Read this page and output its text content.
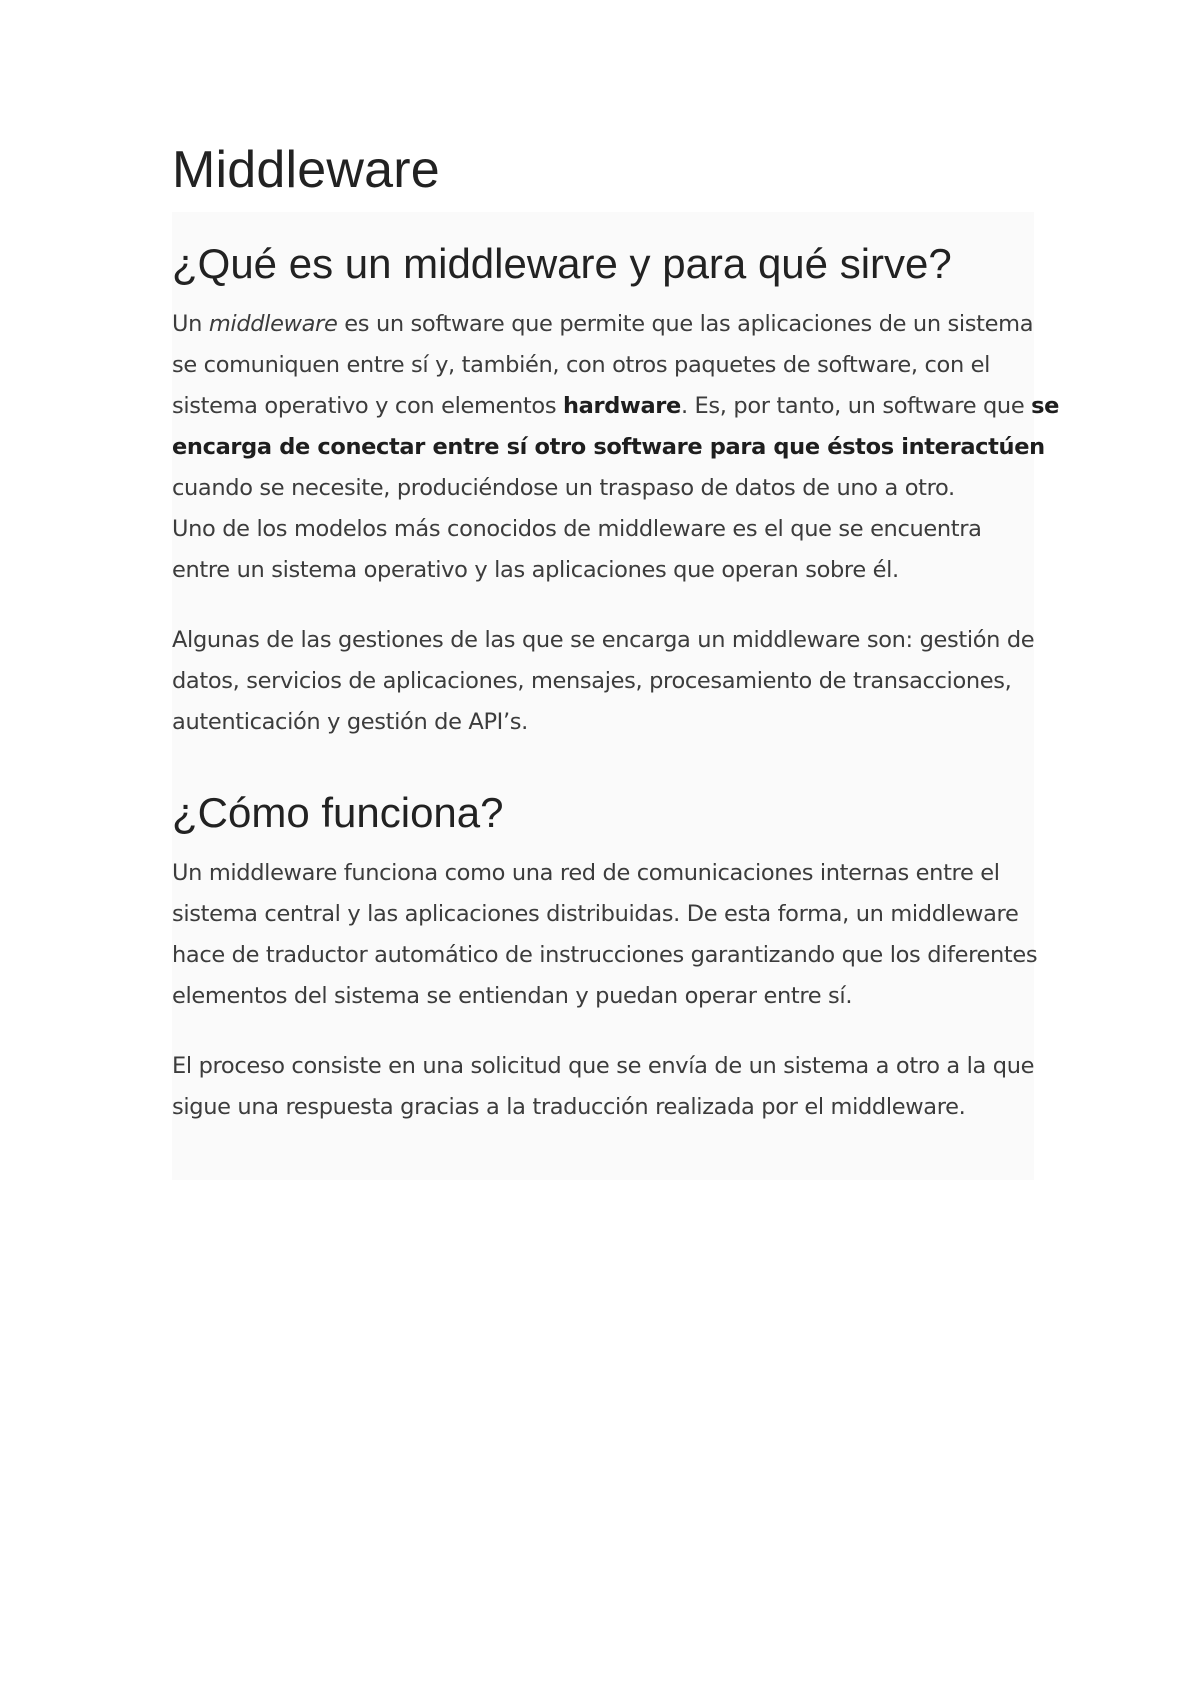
Middleware
¿Qué es un middleware y para qué sirve?

Un middleware es un software que permite que las aplicaciones de un sistema
se comuniquen entre sí y, también, con otros paquetes de software, con el
sistema operativo y con elementos hardware. Es, por tanto, un software que se
encarga de conectar entre sí otro software para que éstos interactúen
cuando se necesite, produciéndose un traspaso de datos de uno a otro.
Uno de los modelos más conocidos de middleware es el que se encuentra
entre un sistema operativo y las aplicaciones que operan sobre él.

Algunas de las gestiones de las que se encarga un middleware son: gestión de
datos, servicios de aplicaciones, mensajes, procesamiento de transacciones,
autenticación y gestión de API’s.

¿Cómo funciona?

Un middleware funciona como una red de comunicaciones internas entre el
sistema central y las aplicaciones distribuidas. De esta forma, un middleware
hace de traductor automático de instrucciones garantizando que los diferentes
elementos del sistema se entiendan y puedan operar entre sí.

El proceso consiste en una solicitud que se envía de un sistema a otro a la que
sigue una respuesta gracias a la traducción realizada por el middleware.
